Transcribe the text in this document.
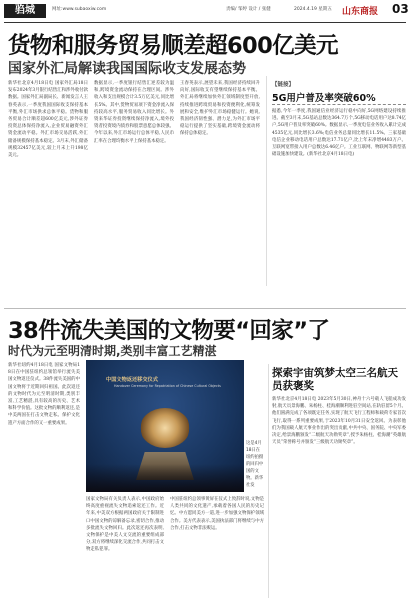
驺城	网址:www.subaoxiw.com	责编/ 邹婷 设计 / 张健	2024.4.19 星期五 山东商报 03
货物和服务贸易顺差超600亿美元
国家外汇局解读我国国际收支发展态势
新华社北京4月18日电 国家外汇局18日发布2024年3月银行结售汇和涉外收付款数据。国家外汇局副局长、新闻发言人王春英表示,一季度我国国际收支保持基本平衡,外汇市场供求总体平稳。货物和服务贸易合计顺差超600亿美元,涉外证券投资总体保持净流入,企业贸易融资外汇资金流动平稳。外汇市场交易活跃,外汇储备规模保持基本稳定。3月末,外汇储备规模32457亿美元,较上月末上升198亿美元。
数据显示,一季度银行结售汇逆差较为温和,跨境资金流动保持在合理区间。涉外收入和支出规模合计3.5万亿美元,同比增长5%。其中,货物贸易项下资金净流入保持较高水平,服务贸易收入同比增长。外资来华证券投资继续保持净流入,境外投资者投资境内债券和股票意愿总体较强。今年以来,外汇市场运行总体平稳,人民币汇率在合理均衡水平上保持基本稳定。
王春英表示,展望未来,我国经济持续回升向好,国际收支有望继续保持基本平衡。外汇局将继续加快外汇领域制度型开放,持续推进跨境贸易和投资便利化,统筹发展和安全,维护外汇市场稳健运行。她说,我国经济韧性强、潜力足,为外汇市场平稳运行提供了坚实基础,跨境资金流动将保持总体稳定。
【链接】
5G用户普及率突破60%
据悉,今年一季度,我国通信业经济运行稳中向好,5G网络建设持续推进。截至3月末,5G基站总数达364.7万个,5G移动电话用户达8.74亿户,5G用户普及率突破60%。数据显示,一季度电信业务收入累计完成4535亿元,同比增长3.6%;电信业务总量同比增长11.5%。三家基础电信企业移动电话用户总数达17.71亿户,比上年末净增4483万户。互联网宽带接入用户总数达6.46亿户。工业互联网、物联网等新型基础设施加快建设。(新华社北京4月18日电)
38件流失美国的文物要“回家”了
时代为元至明清时期,类别丰富工艺精湛
新华社纽约4月18日电 国家文物局18日在中国驻纽约总领馆举行流失美国文物返还仪式。38件流失美国的中国文物将于近期回归祖国。此次返还的文物时代为元至明清时期,类别丰富,工艺精湛,具有较高的历史、艺术和科学价值。这批文物的顺利返还,是中美两国在打击文物走私、保护文化遗产方面合作的又一重要成果。
中国文物返还移交仪式
Handover Ceremony for Repatriation of Chinese Cultural Objects
这是4月18日在纽约拍摄的回归中国的文物。新华社发
国家文物局有关负责人表示,中国政府始终高度重视流失文物追索返还工作。近年来,中美双方根据两国政府关于限制进口中国文物的谅解备忘录,密切合作,推动多批流失文物回归。此次返还再次表明,文物保护是中美人文交流的重要组成部分,双方将继续深化交流合作,共同打击文物走私犯罪。
中国驻纽约总领事黄屏在仪式上致辞时说,文物是人类共同的文化遗产,承载着各国人民的历史记忆。中方愿同美方一道,进一步加强文物保护领域合作。美方代表表示,美国执法部门将继续与中方合作,打击文物非法贩运。
探索宇宙筑梦太空三名航天员获褒奖
新华社北京4月18日电 2023年5月30日,神舟十六号载人飞船成功发射,航天员景海鹏、朱杨柱、桂海潮顺利进驻空间站,在轨驻留5个月。他们圆满完成了各项既定任务,实现了航天飞行工程师和载荷专家首次飞行,取得一系列重要成果,于2023年10月31日安全返回。为表彰他们为我国载人航天事业作出的突出贡献,中共中央、国务院、中央军委决定,给景海鹏颁发“二级航天功勋奖章”,授予朱杨柱、桂海潮“英雄航天员”荣誉称号并颁发“三级航天功勋奖章”。
